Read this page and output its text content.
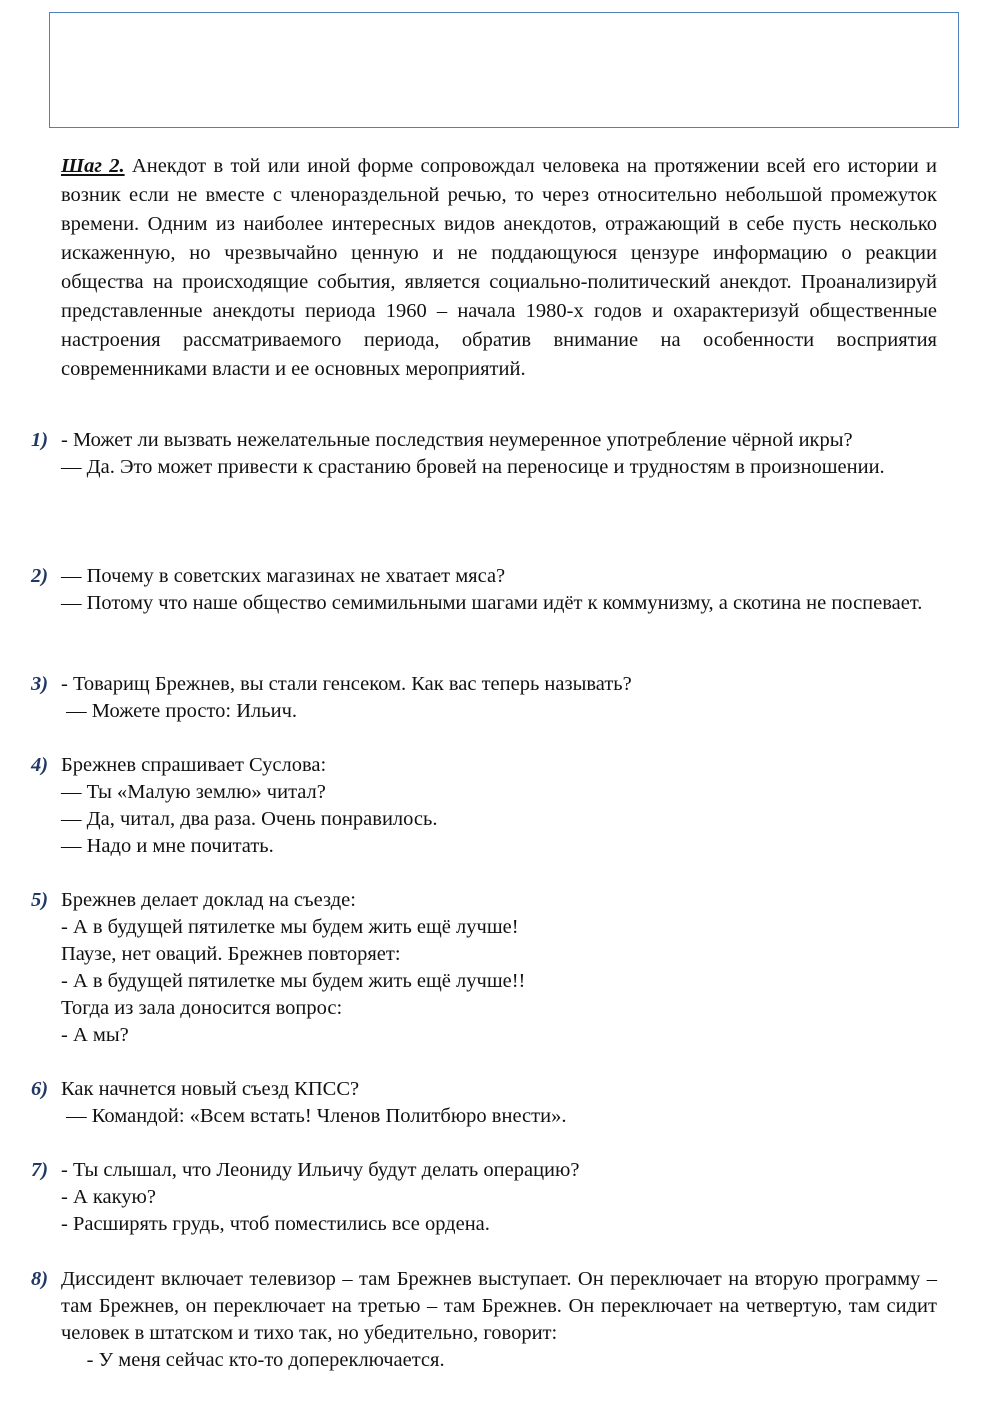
Шаг 2. Анекдот в той или иной форме сопровождал человека на протяжении всей его истории и возник если не вместе с членораздельной речью, то через относительно небольшой промежуток времени. Одним из наиболее интересных видов анекдотов, отражающий в себе пусть несколько искаженную, но чрезвычайно ценную и не поддающуюся цензуре информацию о реакции общества на происходящие события, является социально-политический анекдот. Проанализируй представленные анекдоты периода 1960 – начала 1980-х годов и охарактеризуй общественные настроения рассматриваемого периода, обратив внимание на особенности восприятия современниками власти и ее основных мероприятий.

1) - Может ли вызвать нежелательные последствия неумеренное употребление чёрной икры?

— Да. Это может привести к срастанию бровей на переносице и трудностям в произношении.

2) — Почему в советских магазинах не хватает мяса?

— Потому что наше общество семимильными шагами идёт к коммунизму, а скотина не поспевает.

3) - Товарищ Брежнев, вы стали генсеком. Как вас теперь называть?

— Можете просто: Ильич.

4) Брежнев спрашивает Суслова:

— Ты «Малую землю» читал?

— Да, читал, два раза. Очень понравилось.

— Надо и мне почитать.

5) Брежнев делает доклад на съезде:

- А в будущей пятилетке мы будем жить ещё лучше!

Паузе, нет оваций. Брежнев повторяет:

- А в будущей пятилетке мы будем жить ещё лучше!!

Тогда из зала доносится вопрос:

- А мы?

6) Как начнется новый съезд КПСС?

— Командой: «Всем встать! Членов Политбюро внести».

7) - Ты слышал, что Леониду Ильичу будут делать операцию?

- А какую?

- Расширять грудь, чтоб поместились все ордена.

8) Диссидент включает телевизор – там Брежнев выступает. Он переключает на вторую программу – там Брежнев, он переключает на третью – там Брежнев. Он переключает на четвертую, там сидит человек в штатском и тихо так, но убедительно, говорит:

- У меня сейчас кто-то допереключается.
